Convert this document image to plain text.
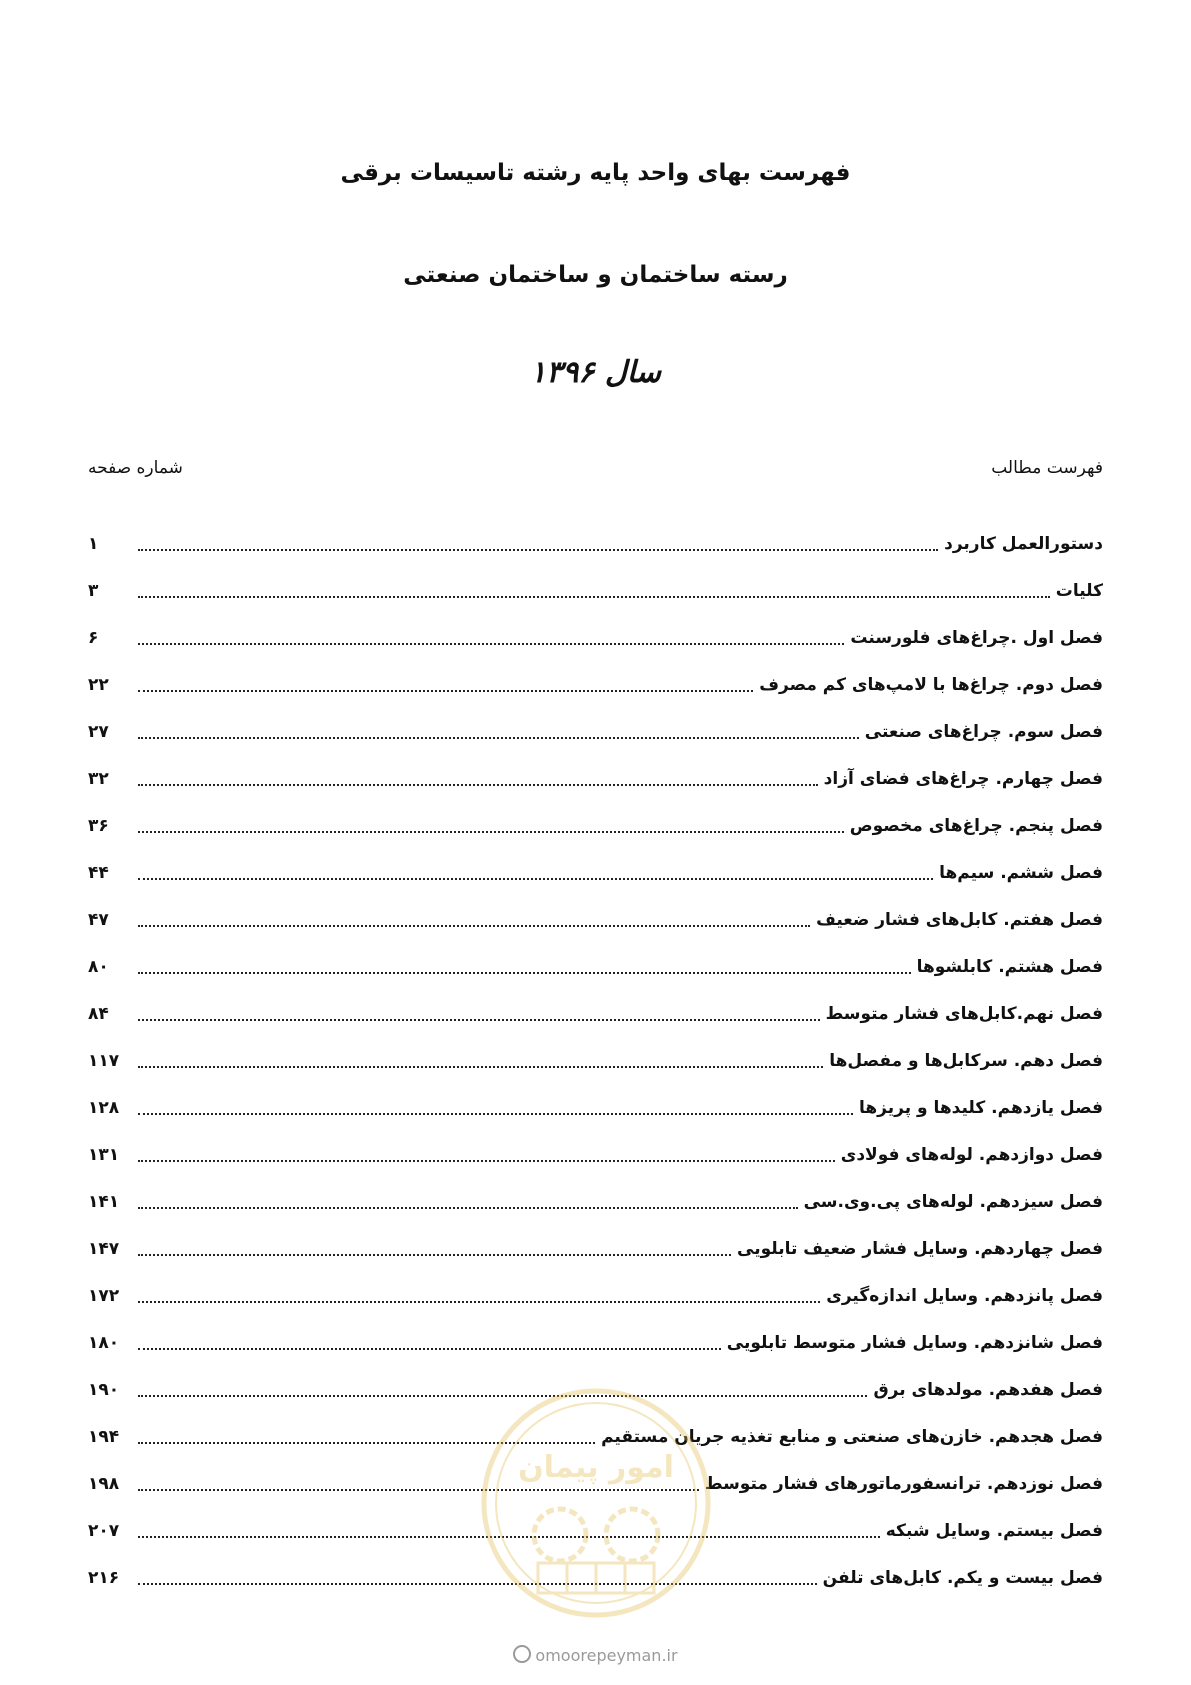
فهرست بهای واحد پایه رشته تاسیسات برقی
رسته ساختمان و ساختمان صنعتی
سال ۱۳۹۶
فهرست مطالب
شماره صفحه
دستورالعمل کاربرد
۱
کلیات
۳
فصل اول .چراغ‌های فلورسنت
۶
فصل دوم. چراغ‌ها با لامپ‌های کم مصرف
۲۲
فصل سوم. چراغ‌های صنعتی
۲۷
فصل چهارم. چراغ‌های فضای آزاد
۳۲
فصل پنجم. چراغ‌های مخصوص
۳۶
فصل ششم. سیم‌ها
۴۴
فصل هفتم. کابل‌های فشار ضعیف
۴۷
فصل هشتم. کابلشوها
۸۰
فصل نهم.کابل‌های فشار متوسط
۸۴
فصل دهم. سرکابل‌ها و مفصل‌ها
۱۱۷
فصل یازدهم. کلیدها و پریزها
۱۲۸
فصل دوازدهم. لوله‌های فولادی
۱۳۱
فصل سیزدهم. لوله‌های پی.وی.سی
۱۴۱
فصل چهاردهم. وسایل فشار ضعیف تابلویی
۱۴۷
فصل پانزدهم. وسایل اندازه‌گیری
۱۷۲
فصل شانزدهم. وسایل فشار متوسط تابلویی
۱۸۰
فصل هفدهم. مولدهای برق
۱۹۰
فصل هجدهم. خازن‌های صنعتی و منابع تغذیه جریان مستقیم
۱۹۴
فصل نوزدهم. ترانسفورماتورهای فشار متوسط
۱۹۸
فصل بیستم. وسایل شبکه
۲۰۷
فصل بیست و یکم. کابل‌های تلفن
۲۱۶
امور پیمان
omoorepeyman.ir
